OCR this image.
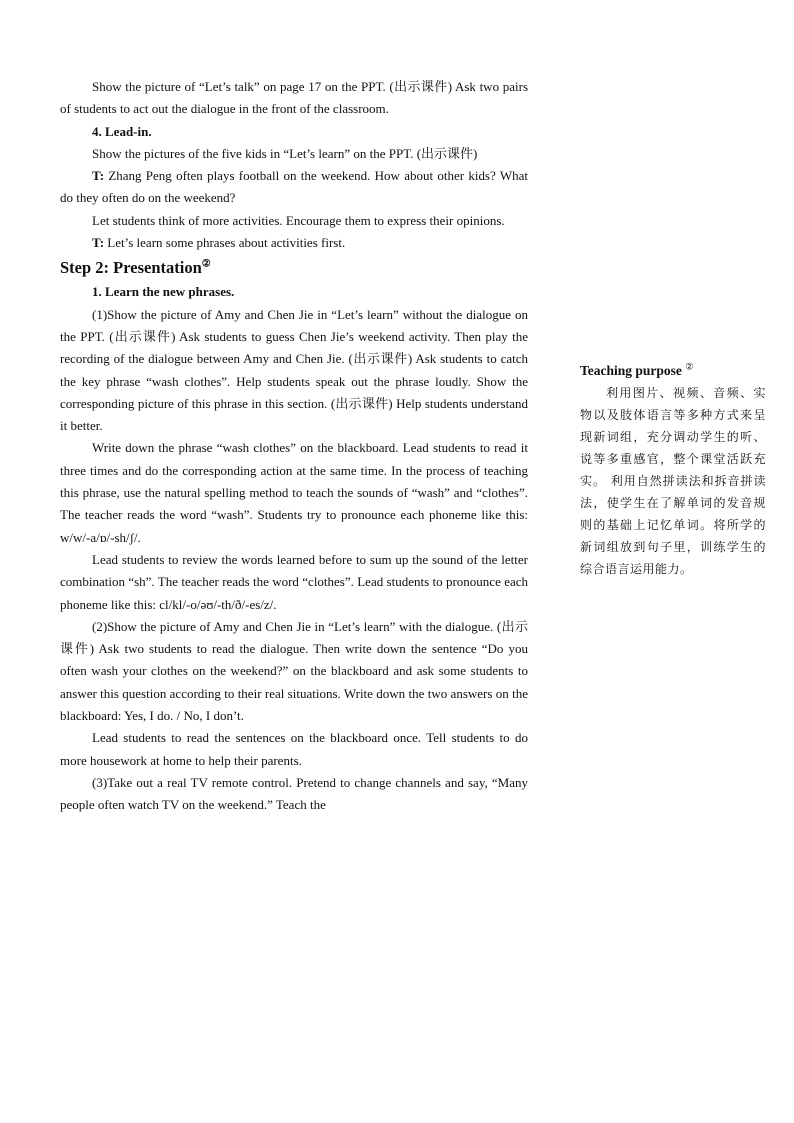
Show the picture of “Let’s talk” on page 17 on the PPT. (出示课件) Ask two pairs of students to act out the dialogue in the front of the classroom.

4. Lead-in.

Show the pictures of the five kids in “Let’s learn” on the PPT. (出示课件)

T: Zhang Peng often plays football on the weekend. How about other kids? What do they often do on the weekend?

Let students think of more activities. Encourage them to express their opinions.

T: Let’s learn some phrases about activities first.

Step 2: Presentation②

1. Learn the new phrases.

(1)Show the picture of Amy and Chen Jie in “Let’s learn” without the dialogue on the PPT. (出示课件) Ask students to guess Chen Jie’s weekend activity. Then play the recording of the dialogue between Amy and Chen Jie. (出示课件) Ask students to catch the key phrase “wash clothes”. Help students speak out the phrase loudly. Show the corresponding picture of this phrase in this section. (出示课件) Help students understand it better.

Write down the phrase “wash clothes” on the blackboard. Lead students to read it three times and do the corresponding action at the same time. In the process of teaching this phrase, use the natural spelling method to teach the sounds of “wash” and “clothes”. The teacher reads the word “wash”. Students try to pronounce each phoneme like this: w/w/-a/ɒ/-sh/ʃ/.

Lead students to review the words learned before to sum up the sound of the letter combination “sh”. The teacher reads the word “clothes”. Lead students to pronounce each phoneme like this: cl/kl/-o/əʊ/-th/ð/-es/z/.

(2)Show the picture of Amy and Chen Jie in “Let’s learn” with the dialogue. (出示课件) Ask two students to read the dialogue. Then write down the sentence “Do you often wash your clothes on the weekend?” on the blackboard and ask some students to answer this question according to their real situations. Write down the two answers on the blackboard: Yes, I do. / No, I don’t.

Lead students to read the sentences on the blackboard once. Tell students to do more housework at home to help their parents.

(3)Take out a real TV remote control. Pretend to change channels and say, “Many people often watch TV on the weekend.” Teach the

Teaching purpose ②

利用图片、视频、音频、实物以及肢体语言等多种方式来呈现新词组，充分调动学生的听、说等多重感官，整个课堂活跃充实。 利用自然拼读法和拆音拼读法，使学生在了解单词的发音规则的基础上记忆单词。将所学的新词组放到句子里，训练学生的综合语言运用能力。
